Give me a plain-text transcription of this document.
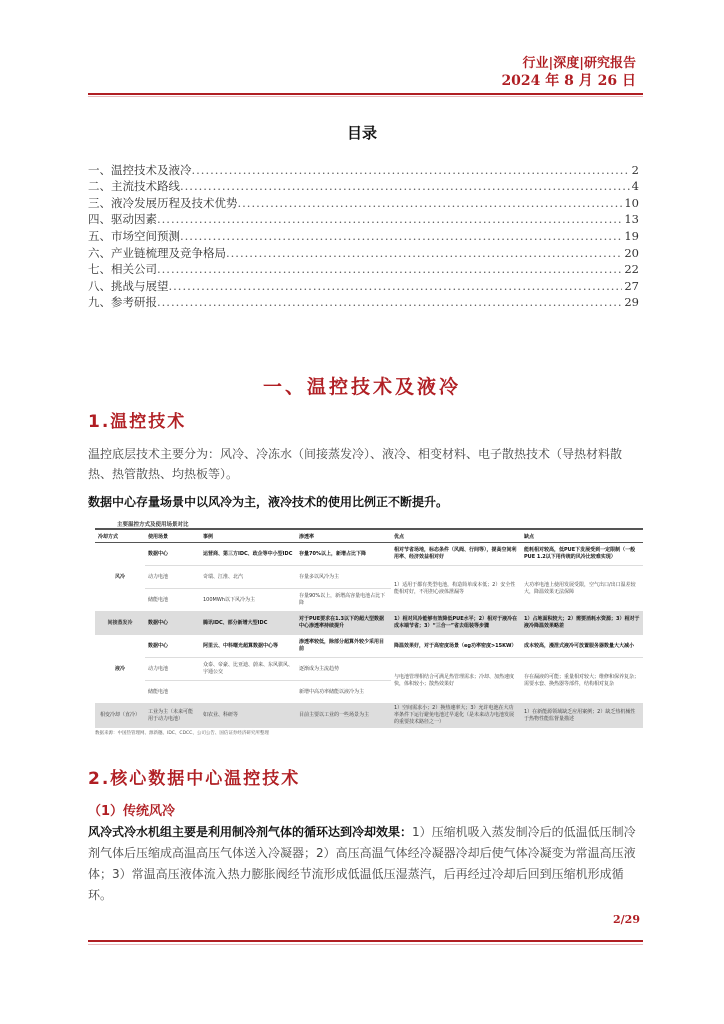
行业|深度|研究报告
2024 年 8 月 26 日
目录
一、温控技术及液冷 .....	2
二、主流技术路线 .....	4
三、液冷发展历程及技术优势 .....	10
四、驱动因素 .....	13
五、市场空间预测 .....	19
六、产业链梳理及竞争格局 .....	20
七、相关公司 .....	22
八、挑战与展望 .....	27
九、参考研报 .....	29
一、温控技术及液冷
1.温控技术
温控底层技术主要分为：风冷、冷冻水（间接蒸发冷）、液冷、相变材料、电子散热技术（导热材料散热、热管散热、均热板等）。
数据中心存量场景中以风冷为主，液冷技术的使用比例正不断提升。
主要温控方式及使用场景对比
冷却方式	使用场景	事例	渗透率	优点	缺点
风冷	数据中心	运营商、第三方IDC、政企等中小型IDC	存量70%以上，新增占比下降	相对节省场地，标态条件（风阀、行间等），提高空间利用率、经济效益相对好	能耗相对较高，低PUE下发展受到一定限制（一般PUE 1.2以下用传统的风冷比较难实现）
	动力电池	奇瑞、江淮、北汽	存量多以风冷为主	1）适用于都有类型电池，构造简单成本低；2）安全性能相对好，不用担心液体泄漏等	大功率电池上使用发展受限，空气出口/出口温差较大，降温效果无法保障
	储能电池	100MWh以下风冷为主	存量90%以上，新增高容量电池占比下降		
间接蒸发冷	数据中心	腾讯IDC、部分新增大型IDC	对于PUE要求在1.3以下的超大型数据中心渗透率持续提升	1）相对风冷能够有效降低PUE水平；2）相对于液冷在成本端节省；3）“三合一”省去组装等步骤	1）占地面积较大；2）需要消耗水资源；3）相对于液冷降温效果略差
液冷	数据中心	阿里云、中科曙光超算数据中心等	渗透率较低，除部分超算外较少采用目前	降温效果好，对于高密度场景（eg功率密度>15KW）	成本较高，漫泄式液冷可放置服务器数量大大减小
	动力电池	众泰、帝豪、比亚迪、蔚来、东风骐风、宇通公交	逐渐成为主流趋势	与电池管理相结合可满足热管理需求；冷却、加热速度快，体积较小；散热效果好	存在漏液的可能；重量相对较大；维修和保养复杂；需要水套、换热器等部件，结构相对复杂
	储能电池		新增中高功率储能以液冷为主		
相变冷却（直冷）	工业为主（未来可能用于动力电池）	如农业、科研等	目前主要以工业的一些场景为主	1）空间需求小；2）换热速率大；3）允许电池在大功率条件下运行避免电池过早退化（是未来动力电池发展的重要技术路径之一）	1）在新能源领域缺乏应用案例；2）缺乏热机械性于热物性能监督量描述
数据来源：中国热管理网、源新穗、IDC、CDCC、公司公告、国信证券经济研究所整理
2.核心数据中心温控技术
（1）传统风冷
风冷式冷水机组主要是利用制冷剂气体的循环达到冷却效果：1）压缩机吸入蒸发制冷后的低温低压制冷剂气体后压缩成高温高压气体送入冷凝器；2）高压高温气体经冷凝器冷却后使气体冷凝变为常温高压液体；3）常温高压液体流入热力膨胀阀经节流形成低温低压湿蒸汽，后再经过冷却后回到压缩机形成循环。
2/29
